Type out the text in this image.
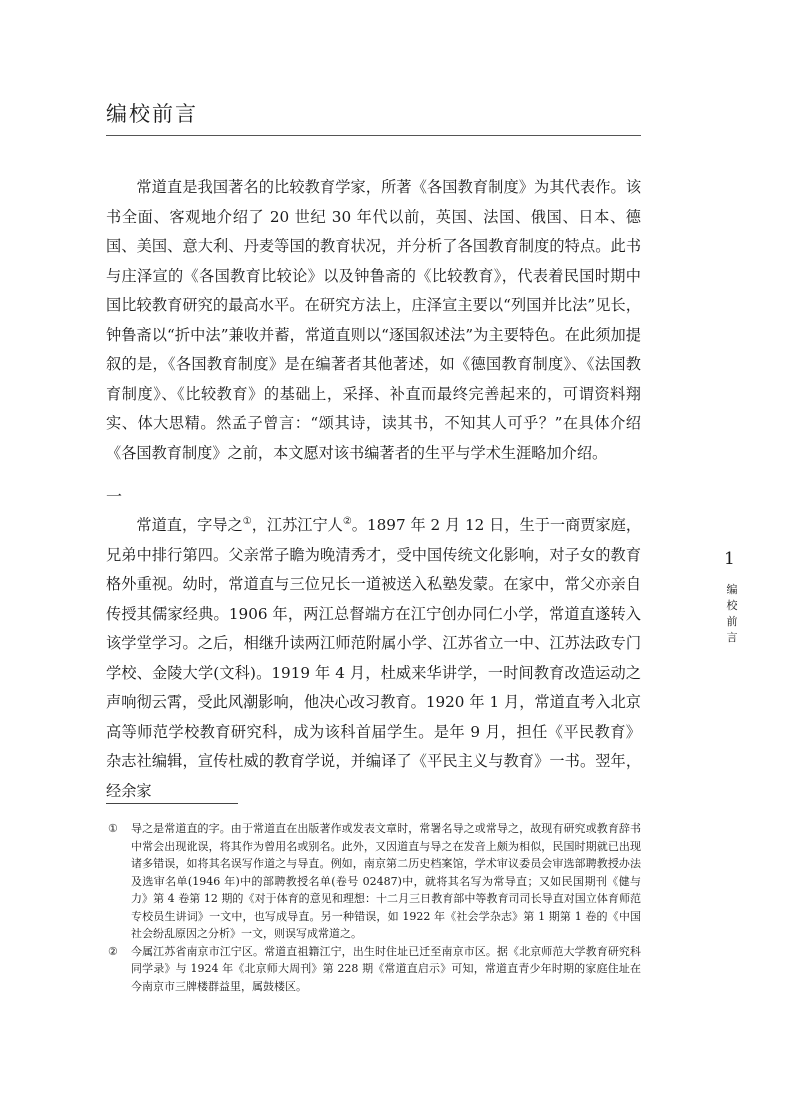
编校前言

常道直是我国著名的比较教育学家，所著《各国教育制度》为其代表作。该书全面、客观地介绍了 20 世纪 30 年代以前，英国、法国、俄国、日本、德国、美国、意大利、丹麦等国的教育状况，并分析了各国教育制度的特点。此书与庄泽宣的《各国教育比较论》以及钟鲁斋的《比较教育》，代表着民国时期中国比较教育研究的最高水平。在研究方法上，庄泽宣主要以“列国并比法”见长，钟鲁斋以“折中法”兼收并蓄，常道直则以“逐国叙述法”为主要特色。在此须加提叙的是，《各国教育制度》是在编著者其他著述，如《德国教育制度》、《法国教育制度》、《比较教育》的基础上，采择、补直而最终完善起来的，可谓资料翔实、体大思精。然孟子曾言：“颂其诗，读其书，不知其人可乎？”在具体介绍《各国教育制度》之前，本文愿对该书编著者的生平与学术生涯略加介绍。

一

常道直，字导之①，江苏江宁人②。1897 年 2 月 12 日，生于一商贾家庭，兄弟中排行第四。父亲常子瞻为晚清秀才，受中国传统文化影响，对子女的教育格外重视。幼时，常道直与三位兄长一道被送入私塾发蒙。在家中，常父亦亲自传授其儒家经典。1906 年，两江总督端方在江宁创办同仁小学，常道直遂转入该学堂学习。之后，相继升读两江师范附属小学、江苏省立一中、江苏法政专门学校、金陵大学(文科)。1919 年 4 月，杜威来华讲学，一时间教育改造运动之声响彻云霄，受此风潮影响，他决心改习教育。1920 年 1 月，常道直考入北京高等师范学校教育研究科，成为该科首届学生。是年 9 月，担任《平民教育》杂志社编辑，宣传杜威的教育学说，并编译了《平民主义与教育》一书。翌年，经余家

① 导之是常道直的字。由于常道直在出版著作或发表文章时，常署名导之或常导之，故现有研究或教育辞书中常会出现讹误，将其作为曾用名或别名。此外，又因道直与导之在发音上颇为相似，民国时期就已出现诸多错误，如将其名误写作道之与导直。例如，南京第二历史档案馆，学术审议委员会审选部聘教授办法及选审名单(1946 年)中的部聘教授名单(卷号 02487)中，就将其名写为常导直；又如民国期刊《健与力》第 4 卷第 12 期的《对于体育的意见和理想：十二月三日教育部中等教育司司长导直对国立体育师范专校员生讲词》一文中，也写成导直。另一种错误，如 1922 年《社会学杂志》第 1 期第 1 卷的《中国社会纷乱原因之分析》一文，则误写成常道之。
② 今属江苏省南京市江宁区。常道直祖籍江宁，出生时住址已迁至南京市区。据《北京师范大学教育研究科同学录》与 1924 年《北京师大周刊》第 228 期《常道直启示》可知，常道直青少年时期的家庭住址在今南京市三牌楼群益里，属鼓楼区。
1
编校前言
